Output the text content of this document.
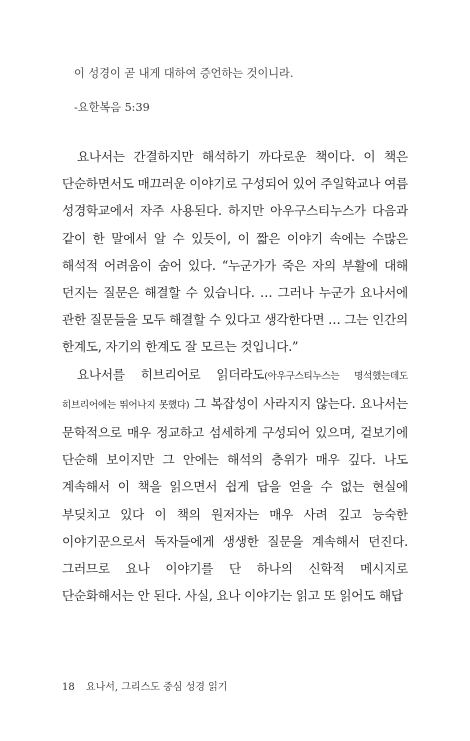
이 성경이 곧 내게 대하여 증언하는 것이니라.
-요한복음 5:39

요나서는 간결하지만 해석하기 까다로운 책이다. 이 책은 단순하면서도 매끄러운 이야기로 구성되어 있어 주일학교나 여름 성경학교에서 자주 사용된다. 하지만 아우구스티누스가 다음과 같이 한 말에서 알 수 있듯이, 이 짧은 이야기 속에는 수많은 해석적 어려움이 숨어 있다. “누군가가 죽은 자의 부활에 대해 던지는 질문은 해결할 수 있습니다. … 그러나 누군가 요나서에 관한 질문들을 모두 해결할 수 있다고 생각한다면 … 그는 인간의 한계도, 자기의 한계도 잘 모르는 것입니다.”

요나서를 히브리어로 읽더라도(아우구스티누스는 명석했는데도 히브리어에는 뛰어나지 못했다) 그 복잡성이 사라지지 않는다. 요나서는 문학적으로 매우 정교하고 섬세하게 구성되어 있으며, 겉보기에 단순해 보이지만 그 안에는 해석의 층위가 매우 깊다. 나도 계속해서 이 책을 읽으면서 쉽게 답을 얻을 수 없는 현실에 부딪치고 있다 이 책의 원저자는 매우 사려 깊고 능숙한 이야기꾼으로서 독자들에게 생생한 질문을 계속해서 던진다. 그러므로 요나 이야기를 단 하나의 신학적 메시지로 단순화해서는 안 된다. 사실, 요나 이야기는 읽고 또 읽어도 해답

18 요나서, 그리스도 중심 성경 읽기
